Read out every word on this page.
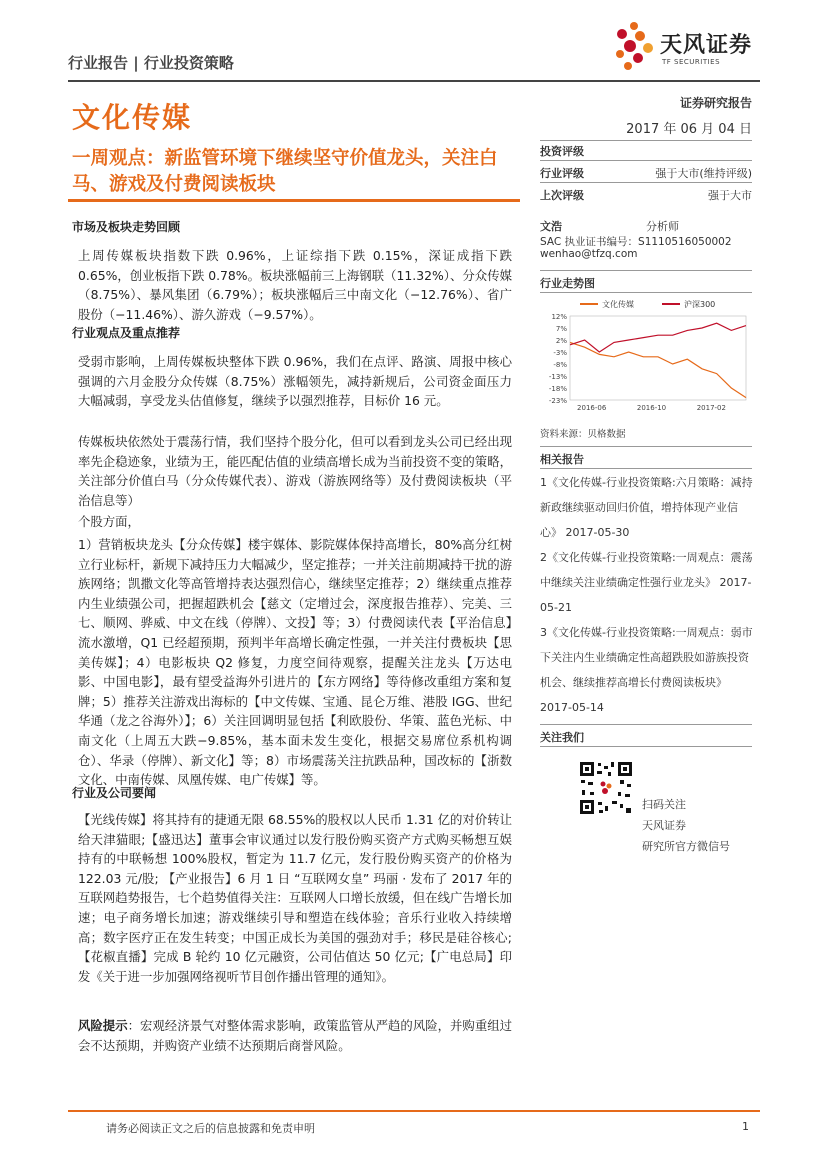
行业报告 | 行业投资策略
天风证券
TF SECURITIES
文化传媒	证券研究报告
2017 年 06 月 04 日
一周观点：新监管环境下继续坚守价值龙头，关注白马、游戏及付费阅读板块
市场及板块走势回顾
上周传媒板块指数下跌 0.96%，上证综指下跌 0.15%，深证成指下跌 0.65%，创业板指下跌 0.78%。板块涨幅前三上海钢联（11.32%）、分众传媒（8.75%）、暴风集团（6.79%）；板块涨幅后三中南文化（−12.76%）、省广股份（−11.46%）、游久游戏（−9.57%）。
行业观点及重点推荐
受弱市影响，上周传媒板块整体下跌 0.96%，我们在点评、路演、周报中核心强调的六月金股分众传媒（8.75%）涨幅领先，减持新规后，公司资金面压力大幅减弱，享受龙头估值修复，继续予以强烈推荐，目标价 16 元。
传媒板块依然处于震荡行情，我们坚持个股分化，但可以看到龙头公司已经出现率先企稳迹象，业绩为王，能匹配估值的业绩高增长成为当前投资不变的策略，关注部分价值白马（分众传媒代表）、游戏（游族网络等）及付费阅读板块（平治信息等）
个股方面，
1）营销板块龙头【分众传媒】楼宇媒体、影院媒体保持高增长，80%高分红树立行业标杆，新规下减持压力大幅减少，坚定推荐；一并关注前期减持干扰的游族网络；凯撒文化等高管增持表达强烈信心，继续坚定推荐；2）继续重点推荐内生业绩强公司，把握超跌机会【慈文（定增过会，深度报告推荐）、完美、三七、顺网、骅威、中文在线（停牌）、文投】等；3）付费阅读代表【平治信息】流水激增，Q1 已经超预期，预判半年高增长确定性强，一并关注付费板块【思美传媒】；4）电影板块 Q2 修复，力度空间待观察，提醒关注龙头【万达电影、中国电影】，最有望受益海外引进片的【东方网络】等待修改重组方案和复牌；5）推荐关注游戏出海标的【中文传媒、宝通、昆仑万维、港股 IGG、世纪华通（龙之谷海外）】；6）关注回调明显包括【利欧股份、华策、蓝色光标、中南文化（上周五大跌−9.85%，基本面未发生变化，根据交易席位系机构调仓）、华录（停牌）、新文化】等；8）市场震荡关注抗跌品种，国改标的【浙数文化、中南传媒、凤凰传媒、电广传媒】等。
行业及公司要闻
【光线传媒】将其持有的捷通无限 68.55%的股权以人民币 1.31 亿的对价转让给天津猫眼;【盛迅达】董事会审议通过以发行股份购买资产方式购买畅想互娱持有的中联畅想 100%股权，暂定为 11.7 亿元，发行股份购买资产的价格为 122.03 元/股; 【产业报告】6 月 1 日 “互联网女皇” 玛丽 · 发布了 2017 年的互联网趋势报告，七个趋势值得关注：互联网人口增长放缓，但在线广告增长加速；电子商务增长加速；游戏继续引导和塑造在线体验；音乐行业收入持续增高；数字医疗正在发生转变；中国正成长为美国的强劲对手；移民是硅谷核心;【花椒直播】完成 B 轮约 10 亿元融资，公司估值达 50 亿元;【广电总局】印发《关于进一步加强网络视听节目创作播出管理的通知》。
风险提示：宏观经济景气对整体需求影响，政策监管从严趋的风险，并购重组过会不达预期，并购资产业绩不达预期后商誉风险。
投资评级
行业评级	强于大市(维持评级)
上次评级	强于大市
文浩	分析师
SAC 执业证书编号：S1110516050002
wenhao@tfzq.com
行业走势图
12%
7%
2%
-3%
-8%
-13%
-18%
-23%
2016-06	2016-10	2017-02
文化传媒	沪深300
资料来源：贝格数据
相关报告
1《文化传媒-行业投资策略:六月策略：减持新政继续驱动回归价值，增持体现产业信心》 2017-05-30
2《文化传媒-行业投资策略:一周观点：震荡中继续关注业绩确定性强行业龙头》 2017-05-21
3《文化传媒-行业投资策略:一周观点：弱市下关注内生业绩确定性高超跌股如游族投资机会、继续推荐高增长付费阅读板块》 2017-05-14
关注我们
扫码关注
天风证券
研究所官方微信号
请务必阅读正文之后的信息披露和免责申明	1
